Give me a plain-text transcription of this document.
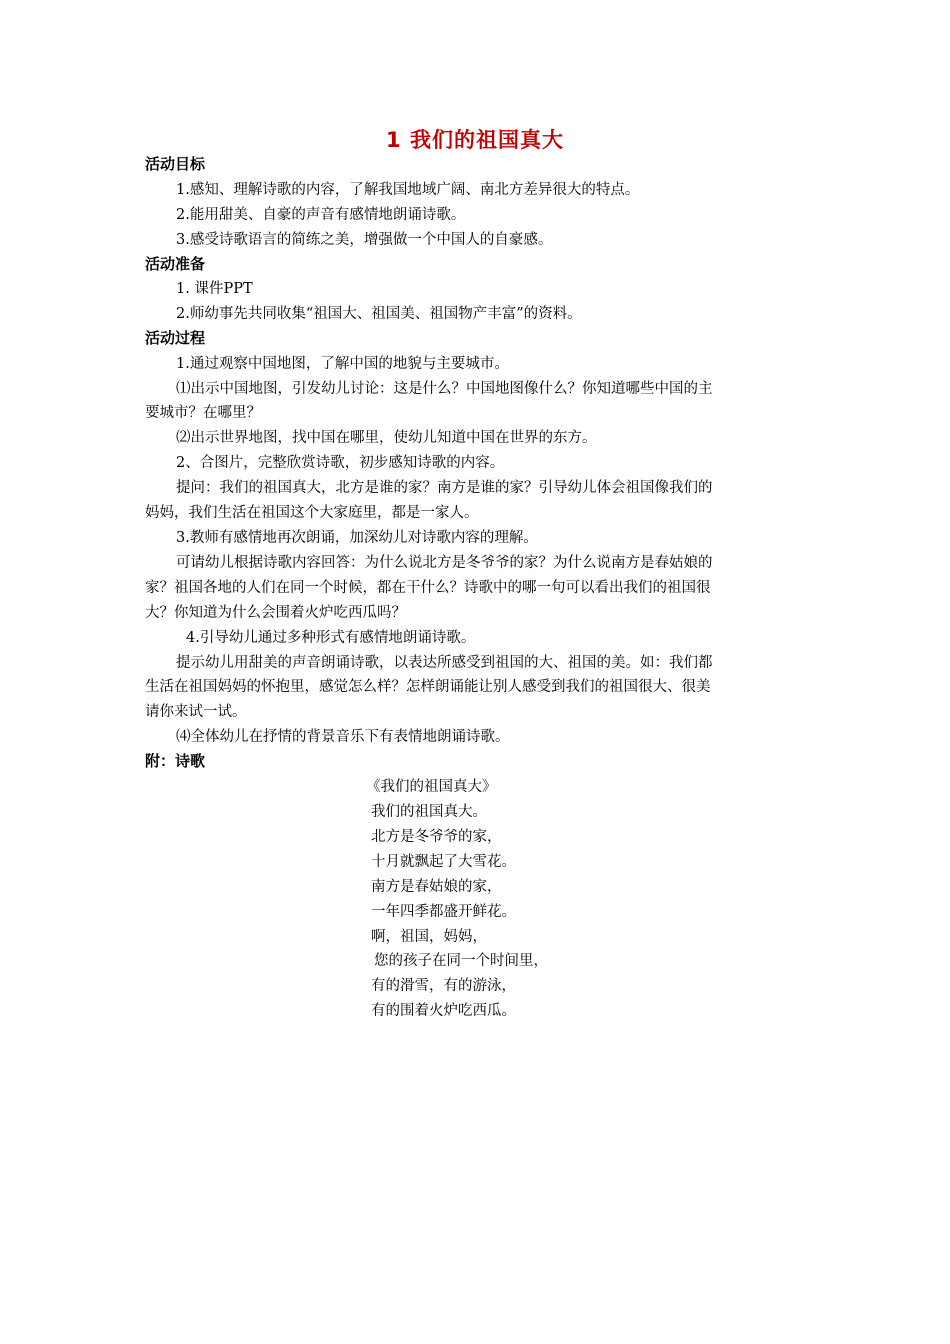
1 我们的祖国真大
活动目标
1.感知、理解诗歌的内容，了解我国地域广阔、南北方差异很大的特点。
2.能用甜美、自豪的声音有感情地朗诵诗歌。
3.感受诗歌语言的简练之美，增强做一个中国人的自豪感。
活动准备
1. 课件PPT
2.师幼事先共同收集“祖国大、祖国美、祖国物产丰富”的资料。
活动过程
1.通过观察中国地图，了解中国的地貌与主要城市。
⑴出示中国地图，引发幼儿讨论：这是什么？中国地图像什么？你知道哪些中国的主
要城市？在哪里？
⑵出示世界地图，找中国在哪里，使幼儿知道中国在世界的东方。
2、合图片，完整欣赏诗歌，初步感知诗歌的内容。
提问：我们的祖国真大，北方是谁的家？南方是谁的家？引导幼儿体会祖国像我们的
妈妈，我们生活在祖国这个大家庭里，都是一家人。
3.教师有感情地再次朗诵，加深幼儿对诗歌内容的理解。
可请幼儿根据诗歌内容回答：为什么说北方是冬爷爷的家？为什么说南方是春姑娘的
家？祖国各地的人们在同一个时候，都在干什么？诗歌中的哪一句可以看出我们的祖国很
大？你知道为什么会围着火炉吃西瓜吗？
4.引导幼儿通过多种形式有感情地朗诵诗歌。
提示幼儿用甜美的声音朗诵诗歌，以表达所感受到祖国的大、祖国的美。如：我们都
生活在祖国妈妈的怀抱里，感觉怎么样？怎样朗诵能让别人感受到我们的祖国很大、很美
请你来试一试。
⑷全体幼儿在抒情的背景音乐下有表情地朗诵诗歌。
附：诗歌
《我们的祖国真大》
我们的祖国真大。
北方是冬爷爷的家，
十月就飘起了大雪花。
南方是春姑娘的家，
一年四季都盛开鲜花。
啊，祖国，妈妈，
您的孩子在同一个时间里，
有的滑雪，有的游泳，
有的围着火炉吃西瓜。
